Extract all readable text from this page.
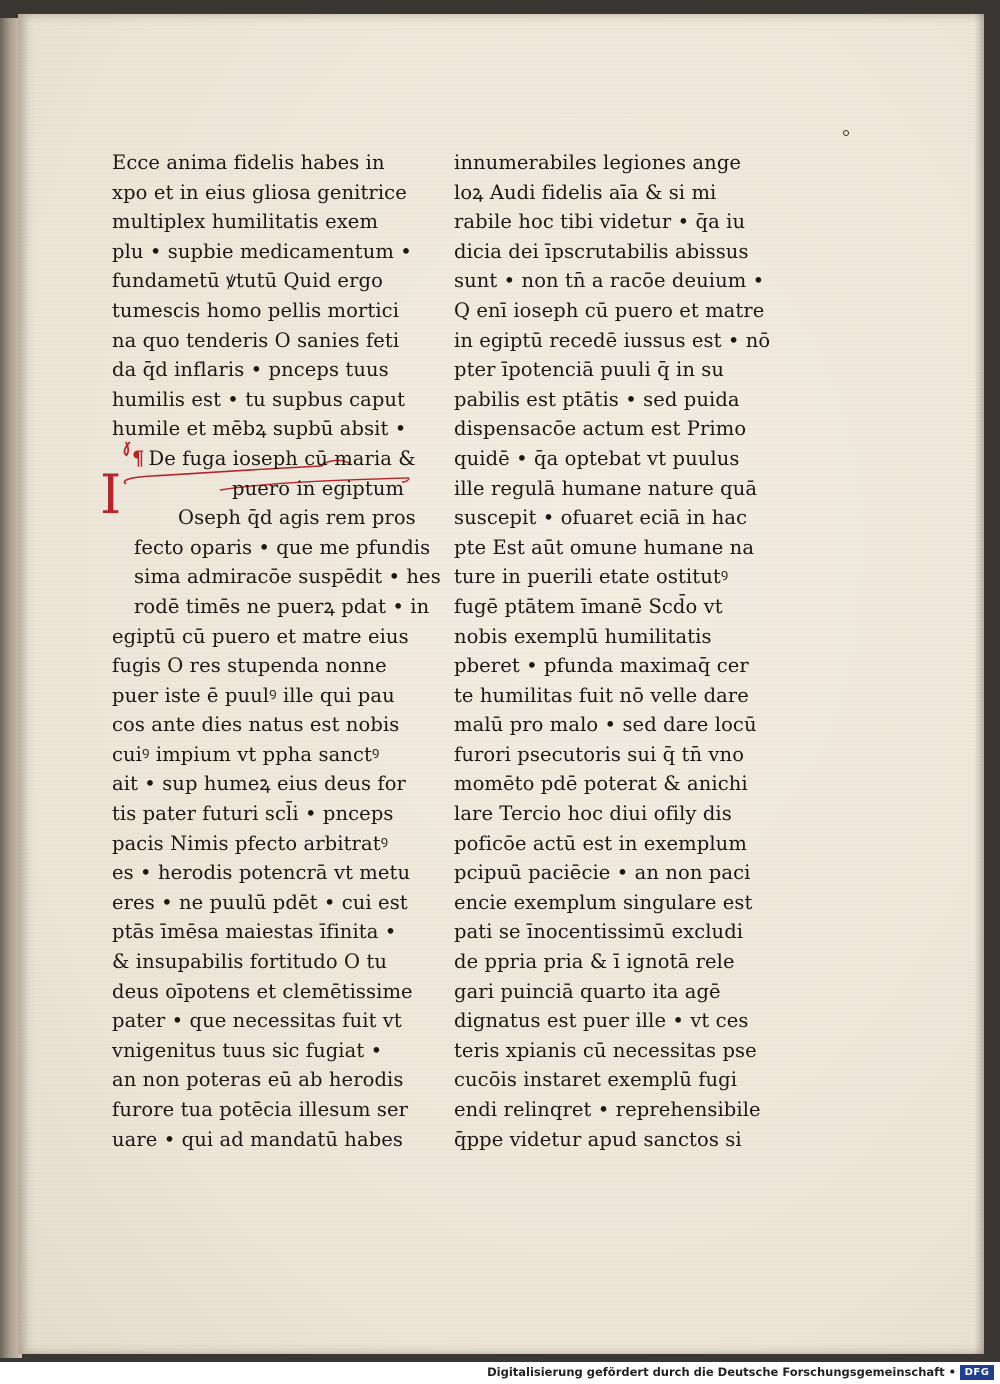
I
Ecce anima fidelis habes in
xpo et in eius gliosa genitrice
multiplex humilitatis exem
plu • supbie medicamentum •
fundametū ꝟtutū Quid ergo
tumescis homo pellis mortici
na quo tenderis O sanies feti
da q̄d inflaris • pnceps tuus
humilis est • tu supbus caput
humile et mēbꝝ supbū absit •
¶ De fuga ioseph cū maria &
puero in egiptum
Oseph q̄d agis rem pros
fecto oparis • que me pfundis
sima admiracōe suspēdit • hes
rodē timēs ne puerꝝ pdat • in
egiptū cū puero et matre eius
fugis O res stupenda nonne
puer iste ē puulꝰ ille qui pau
cos ante dies natus est nobis
cuiꝰ impium vt ppha sanctꝰ
ait • sup humeꝝ eius deus for
tis pater futuri scl̄i • pnceps
pacis Nimis pfecto arbitratꝰ
es • herodis potencrā vt metu
eres • ne puulū pdēt • cui est
ptās īmēsa maiestas īfinita •
& insupabilis fortitudo O tu
deus oīpotens et clemētissime
pater • que necessitas fuit vt
vnigenitus tuus sic fugiat •
an non poteras eū ab herodis
furore tua potēcia illesum ser
uare • qui ad mandatū habes
innumerabiles legiones ange
loꝝ Audi fidelis aīa & si mi
rabile hoc tibi videtur • q̄a iu
dicia dei īpscrutabilis abissus
sunt • non tn̄ a racōe deuium •
Q enī ioseph cū puero et matre
in egiptū recedē iussus est • nō
pter īpotenciā puuli q̄ in su
pabilis est ptātis • sed puida
dispensacōe actum est Primo
quidē • q̄a optebat vt puulus
ille regulā humane nature quā
suscepit • ofuaret eciā in hac
pte Est aūt omune humane na
ture in puerili etate ostitutꝰ
fugē ptātem īmanē Scd̄o vt
nobis exemplū humilitatis
pberet • pfunda maximaq̄ cer
te humilitas fuit nō velle dare
malū pro malo • sed dare locū
furori psecutoris sui q̄ tn̄ vno
momēto pdē poterat & anichi
lare Tercio hoc diui ofily dis
poficōe actū est in exemplum
pcipuū paciēcie • an non paci
encie exemplum singulare est
pati se īnocentissimū excludi
de ppria pria & ī ignotā rele
gari puinciā quarto ita agē
dignatus est puer ille • vt ces
teris xpianis cū necessitas pse
cucōis instaret exemplū fugi
endi relinqret • reprehensibile
q̄ppe videtur apud sanctos si
Digitalisierung gefördert durch die Deutsche Forschungsgemeinschaft • DFG
